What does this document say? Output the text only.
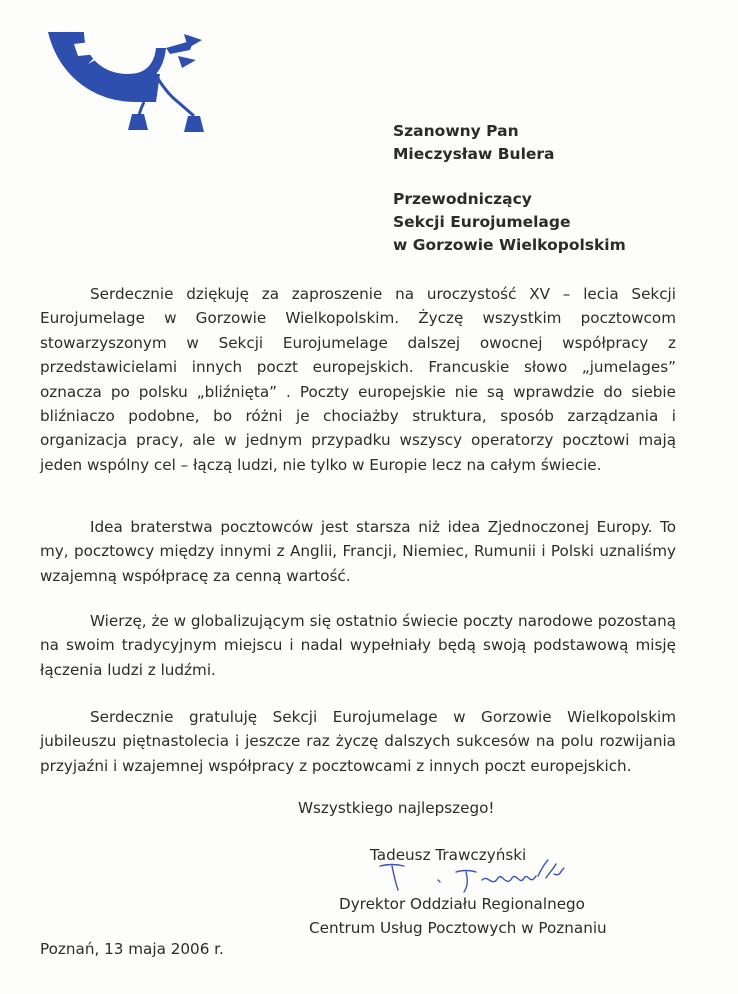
Szanowny Pan
Mieczysław Bulera
Przewodniczący
Sekcji Eurojumelage
w Gorzowie Wielkopolskim

Serdecznie dziękuję za zaproszenie na uroczystość XV – lecia Sekcji Eurojumelage w Gorzowie Wielkopolskim. Życzę wszystkim pocztowcom stowarzyszonym w Sekcji Eurojumelage dalszej owocnej współpracy z przedstawicielami innych poczt europejskich. Francuskie słowo „jumelages” oznacza po polsku „bliźnięta” . Poczty europejskie nie są wprawdzie do siebie bliźniaczo podobne, bo różni je chociażby struktura, sposób zarządzania i organizacja pracy, ale w jednym przypadku wszyscy operatorzy pocztowi mają jeden wspólny cel – łączą ludzi, nie tylko w Europie lecz na całym świecie.

Idea braterstwa pocztowców jest starsza niż idea Zjednoczonej Europy. To my, pocztowcy między innymi z Anglii, Francji, Niemiec, Rumunii i Polski uznaliśmy wzajemną współpracę za cenną wartość.

Wierzę, że w globalizującym się ostatnio świecie poczty narodowe pozostaną na swoim tradycyjnym miejscu i nadal wypełniały będą swoją podstawową misję łączenia ludzi z ludźmi.

Serdecznie gratuluję Sekcji Eurojumelage w Gorzowie Wielkopolskim jubileuszu piętnastolecia i jeszcze raz życzę dalszych sukcesów na polu rozwijania przyjaźni i wzajemnej współpracy z pocztowcami z innych poczt europejskich.

Wszystkiego najlepszego!
Tadeusz Trawczyński
Dyrektor Oddziału Regionalnego
Centrum Usług Pocztowych w Poznaniu
Poznań, 13 maja 2006 r.
